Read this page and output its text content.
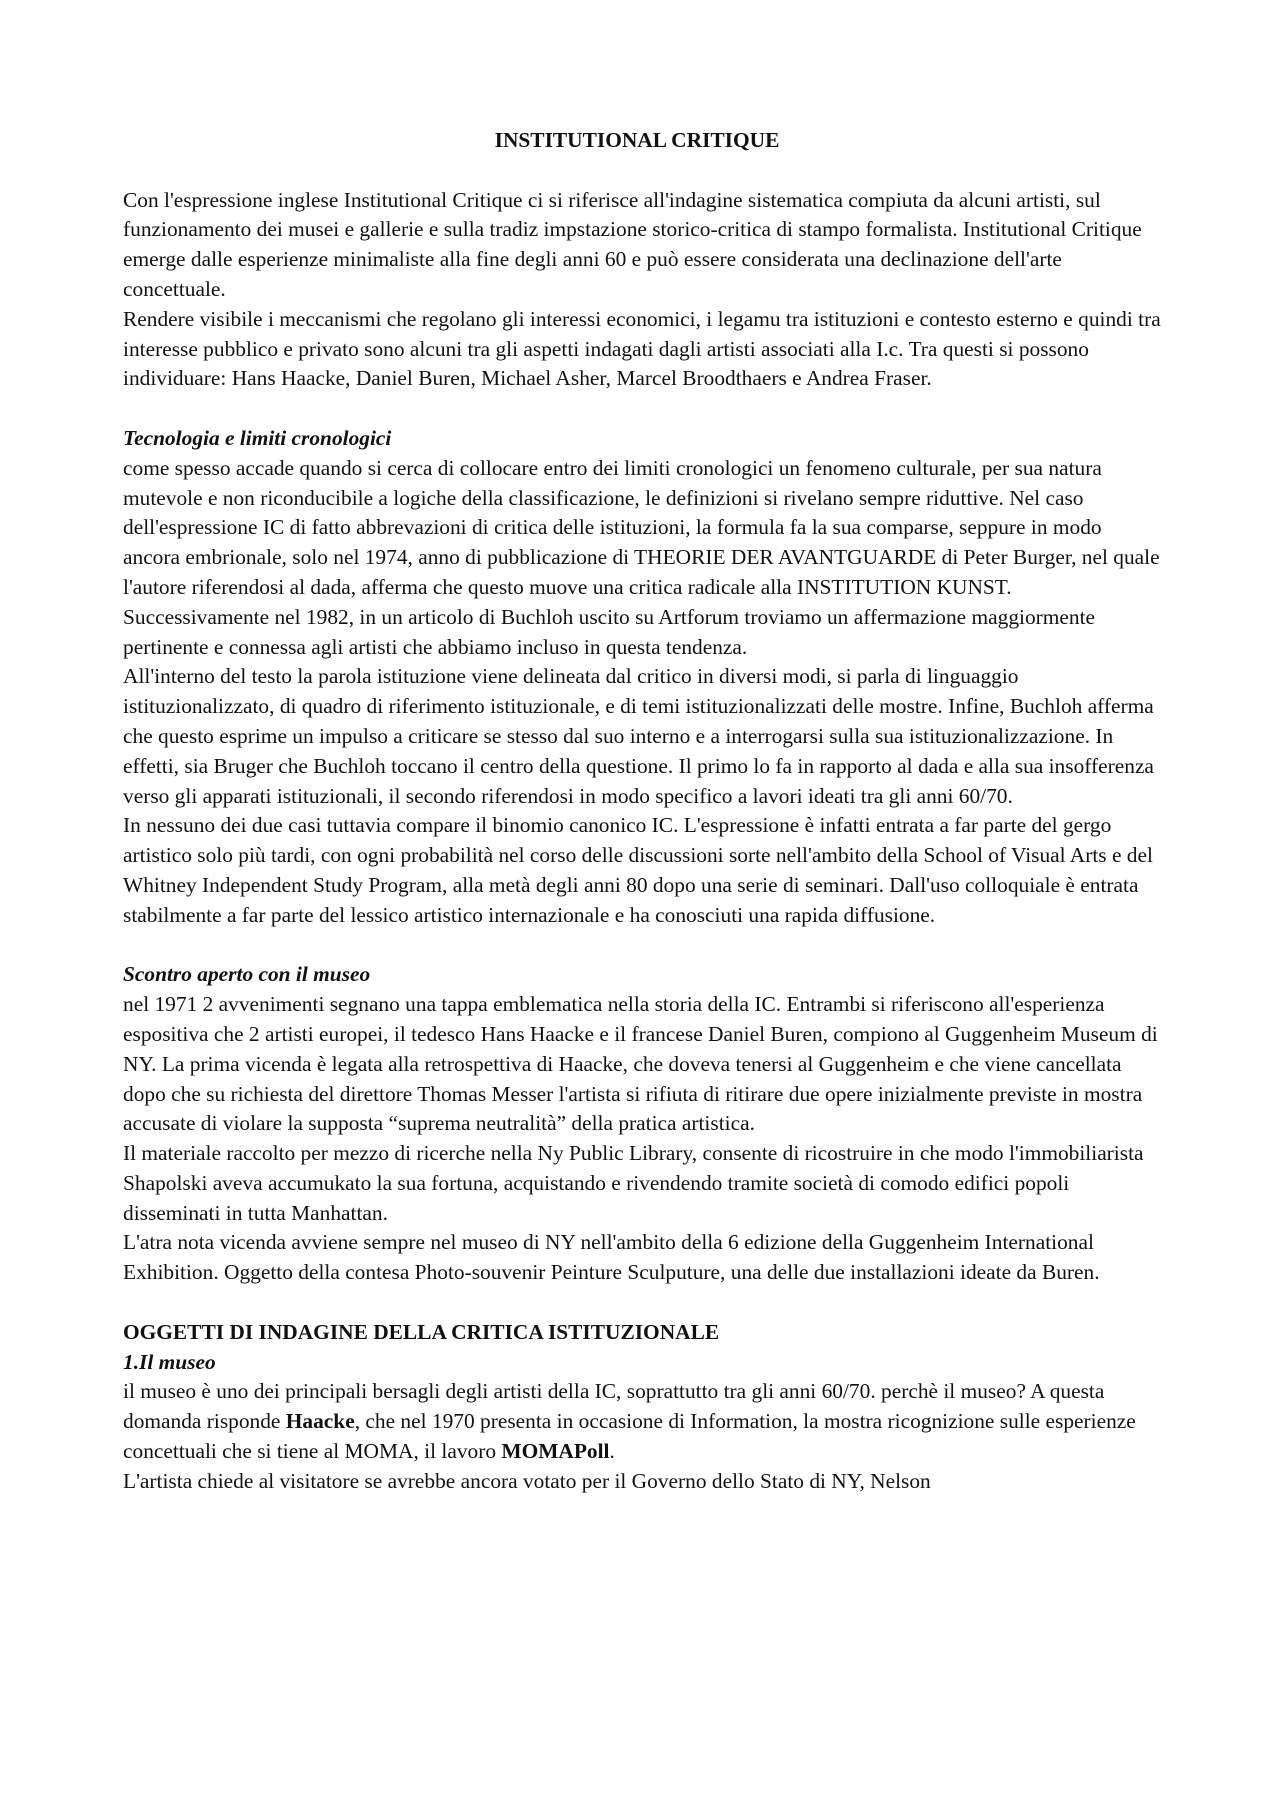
INSTITUTIONAL CRITIQUE

Con l'espressione inglese Institutional Critique ci si riferisce all'indagine sistematica compiuta da alcuni artisti, sul funzionamento dei musei e gallerie e sulla tradiz impstazione storico-critica di stampo formalista. Institutional Critique emerge dalle esperienze minimaliste alla fine degli anni 60 e può essere considerata una declinazione dell'arte concettuale.

Rendere visibile i meccanismi che regolano gli interessi economici, i legamu tra istituzioni e contesto esterno e quindi tra interesse pubblico e privato sono alcuni tra gli aspetti indagati dagli artisti associati alla I.c. Tra questi si possono individuare: Hans Haacke, Daniel Buren, Michael Asher, Marcel Broodthaers e Andrea Fraser.

Tecnologia e limiti cronologici

come spesso accade quando si cerca di collocare entro dei limiti cronologici un fenomeno culturale, per sua natura mutevole e non riconducibile a logiche della classificazione, le definizioni si rivelano sempre riduttive. Nel caso dell'espressione IC di fatto abbrevazioni di critica delle istituzioni, la formula fa la sua comparse, seppure in modo ancora embrionale, solo nel 1974, anno di pubblicazione di THEORIE DER AVANTGUARDE di Peter Burger, nel quale l'autore riferendosi al dada, afferma che questo muove una critica radicale alla INSTITUTION KUNST.

Successivamente nel 1982, in un articolo di Buchloh uscito su Artforum troviamo un affermazione maggiormente pertinente e connessa agli artisti che abbiamo incluso in questa tendenza.

All'interno del testo la parola istituzione viene delineata dal critico in diversi modi, si parla di linguaggio istituzionalizzato, di quadro di riferimento istituzionale, e di temi istituzionalizzati delle mostre. Infine, Buchloh afferma che questo esprime un impulso a criticare se stesso dal suo interno e a interrogarsi sulla sua istituzionalizzazione. In effetti, sia Bruger che Buchloh toccano il centro della questione. Il primo lo fa in rapporto al dada e alla sua insofferenza verso gli apparati istituzionali, il secondo riferendosi in modo specifico a lavori ideati tra gli anni 60/70.

In nessuno dei due casi tuttavia compare il binomio canonico IC. L'espressione è infatti entrata a far parte del gergo artistico solo più tardi, con ogni probabilità nel corso delle discussioni sorte nell'ambito della School of Visual Arts e del Whitney Independent Study Program, alla metà degli anni 80 dopo una serie di seminari. Dall'uso colloquiale è entrata stabilmente a far parte del lessico artistico internazionale e ha conosciuti una rapida diffusione.

Scontro aperto con il museo

nel 1971 2 avvenimenti segnano una tappa emblematica nella storia della IC. Entrambi si riferiscono all'esperienza espositiva che 2 artisti europei, il tedesco Hans Haacke e il francese Daniel Buren, compiono al Guggenheim Museum di NY. La prima vicenda è legata alla retrospettiva di Haacke, che doveva tenersi al Guggenheim e che viene cancellata dopo che su richiesta del direttore Thomas Messer l'artista si rifiuta di ritirare due opere inizialmente previste in mostra accusate di violare la supposta “suprema neutralità” della pratica artistica.

Il materiale raccolto per mezzo di ricerche nella Ny Public Library, consente di ricostruire in che modo l'immobiliarista Shapolski aveva accumukato la sua fortuna, acquistando e rivendendo tramite società di comodo edifici popoli disseminati in tutta Manhattan.

L'atra nota vicenda avviene sempre nel museo di NY nell'ambito della 6 edizione della Guggenheim International Exhibition. Oggetto della contesa Photo-souvenir Peinture Sculputure, una delle due installazioni ideate da Buren.

OGGETTI DI INDAGINE DELLA CRITICA ISTITUZIONALE

1.Il museo

il museo è uno dei principali bersagli degli artisti della IC, soprattutto tra gli anni 60/70. perchè il museo? A questa domanda risponde Haacke, che nel 1970 presenta in occasione di Information, la mostra ricognizione sulle esperienze concettuali che si tiene al MOMA, il lavoro MOMAPoll.

L'artista chiede al visitatore se avrebbe ancora votato per il Governo dello Stato di NY, Nelson
